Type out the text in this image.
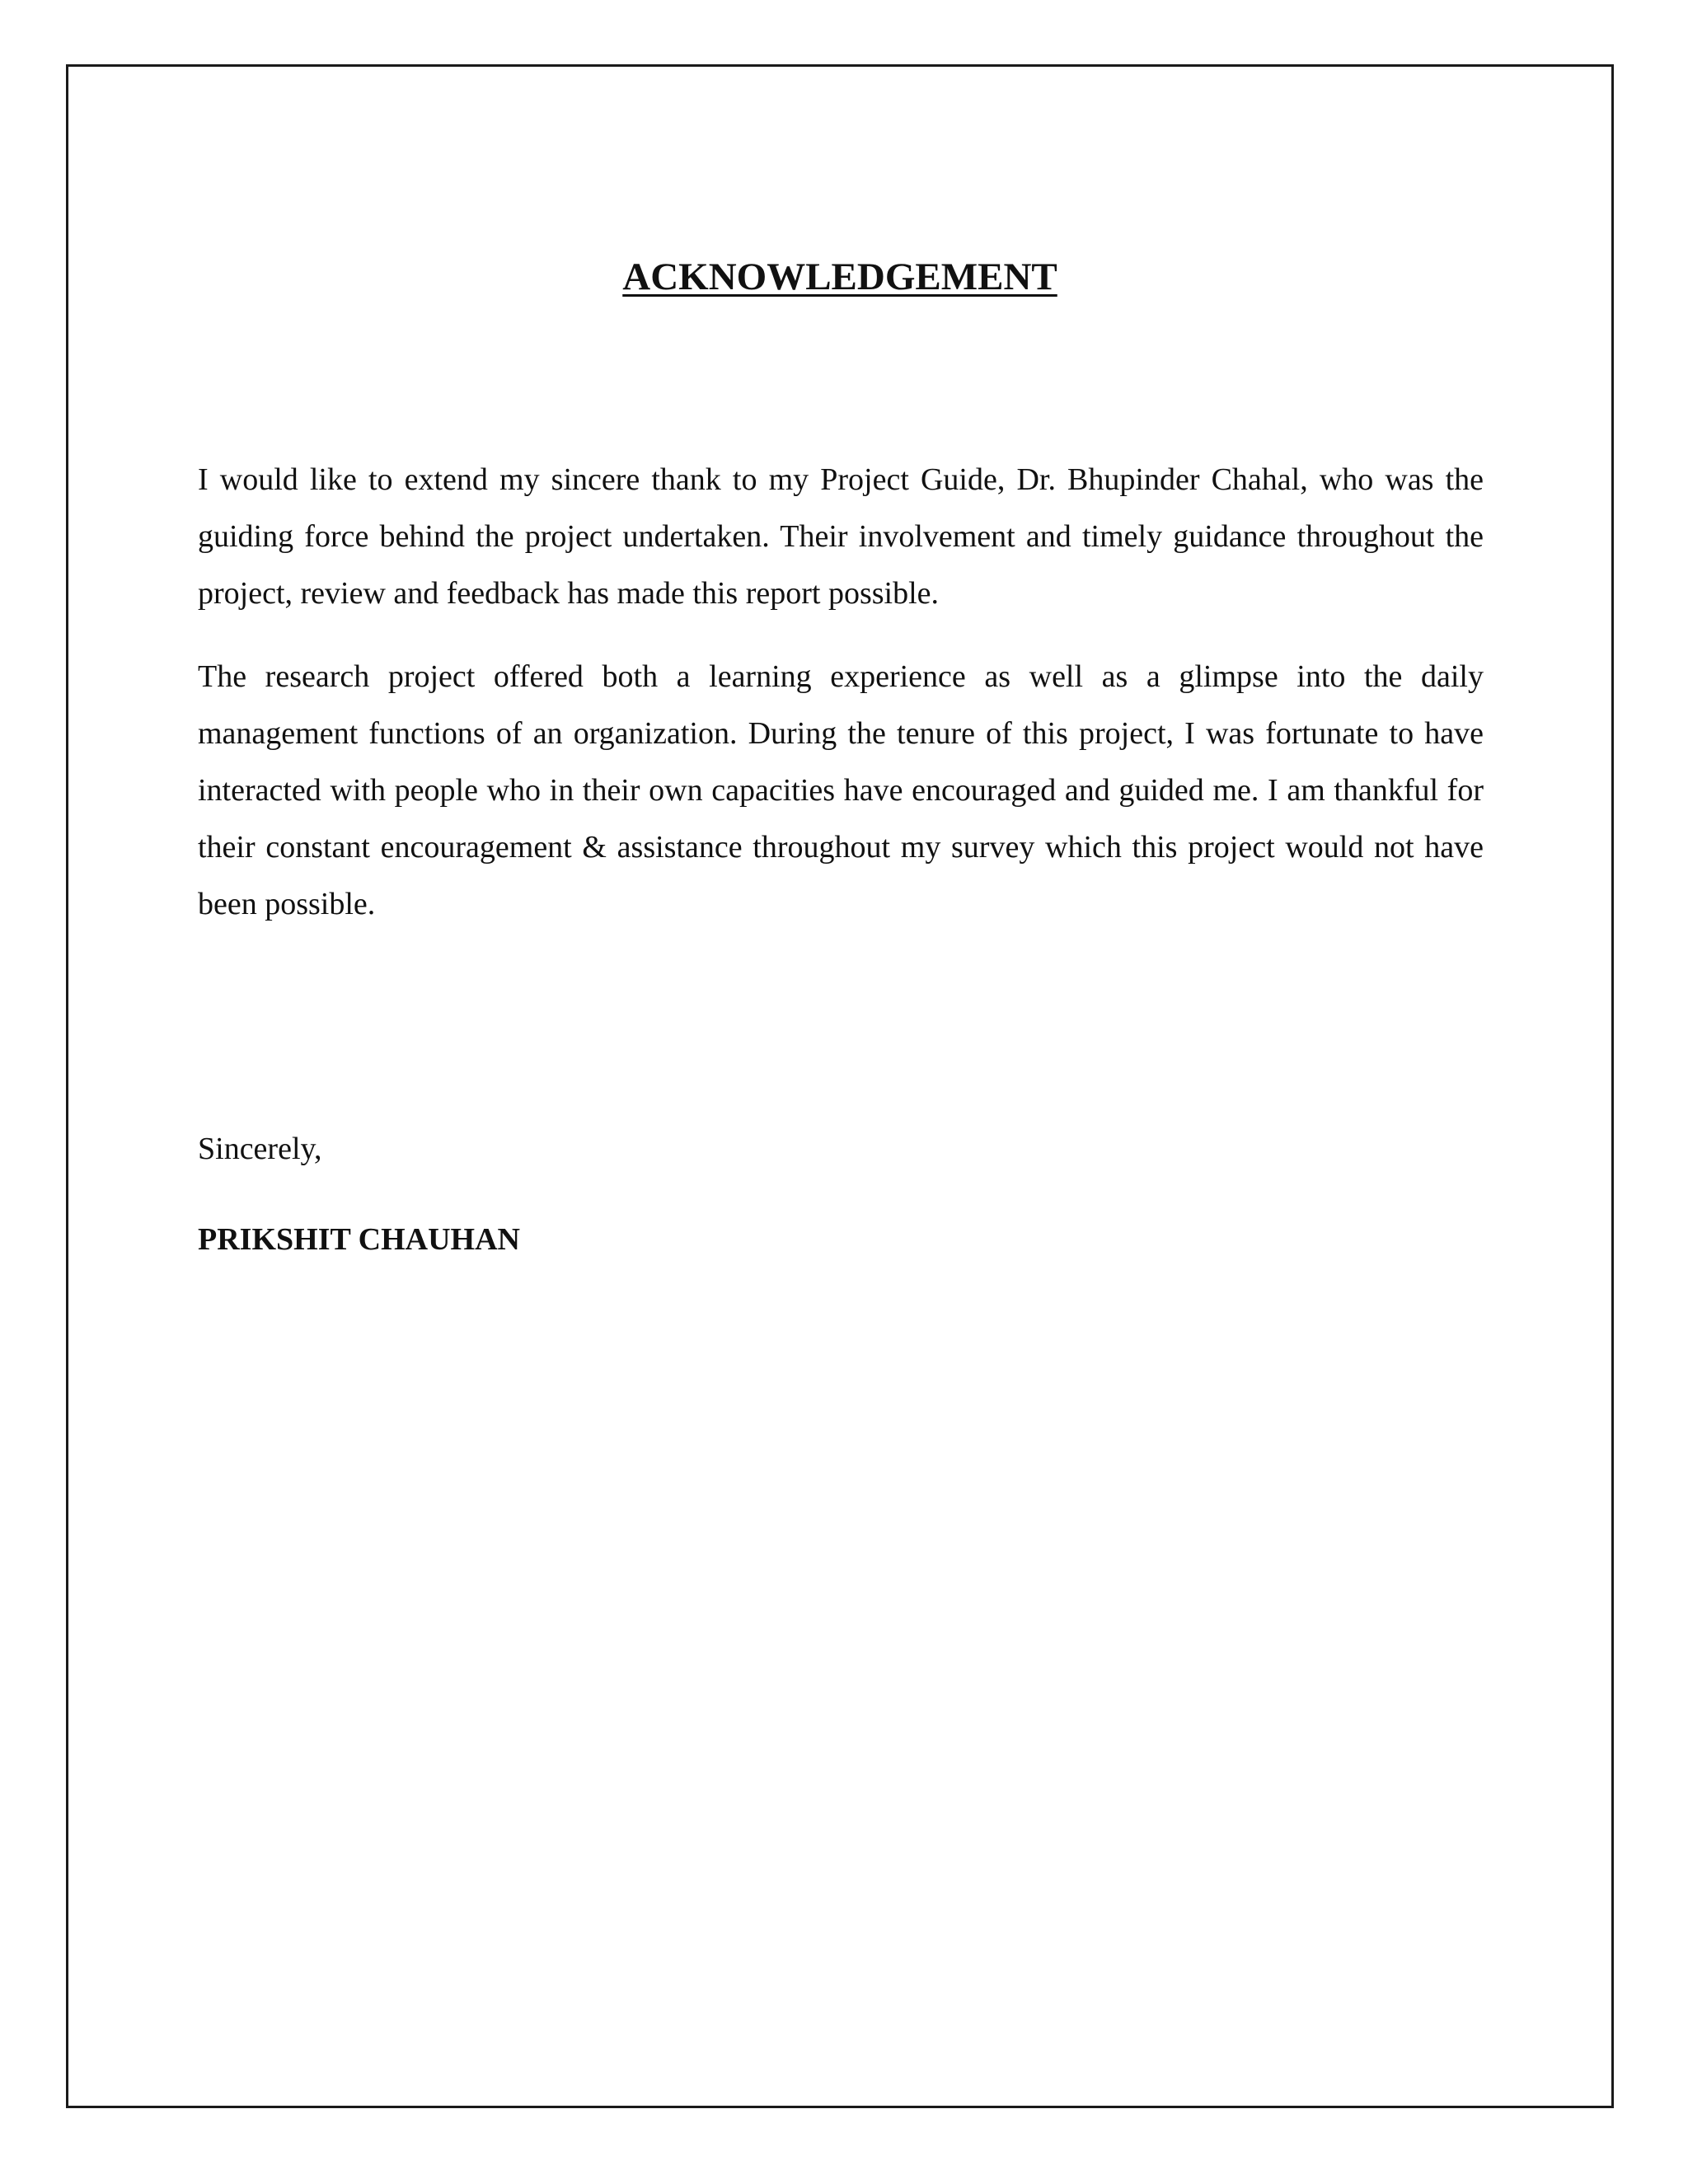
ACKNOWLEDGEMENT

I would like to extend my sincere thank to my Project Guide, Dr. Bhupinder Chahal, who was the guiding force behind the project undertaken. Their involvement and timely guidance throughout the project, review and feedback has made this report possible.

The research project offered both a learning experience as well as a glimpse into the daily management functions of an organization. During the tenure of this project, I was fortunate to have interacted with people who in their own capacities have encouraged and guided me. I am thankful for their constant encouragement & assistance throughout my survey which this project would not have been possible.

Sincerely,

PRIKSHIT CHAUHAN
